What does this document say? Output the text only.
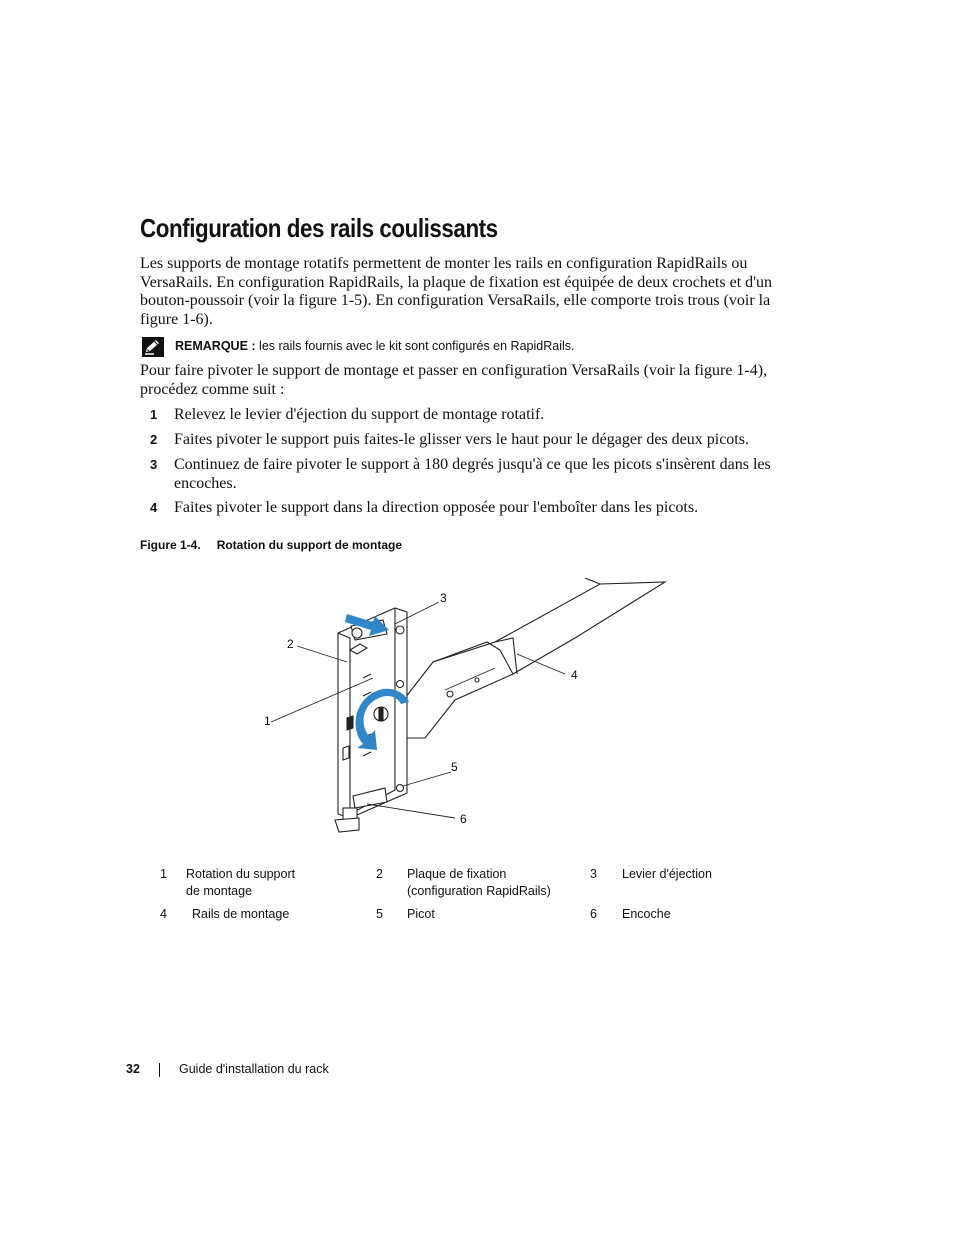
Configuration des rails coulissants

Les supports de montage rotatifs permettent de monter les rails en configuration RapidRails ou VersaRails. En configuration RapidRails, la plaque de fixation est équipée de deux crochets et d'un bouton-poussoir (voir la figure 1-5). En configuration VersaRails, elle comporte trois trous (voir la figure 1-6).

REMARQUE : les rails fournis avec le kit sont configurés en RapidRails.

Pour faire pivoter le support de montage et passer en configuration VersaRails (voir la figure 1-4), procédez comme suit :

1 Relevez le levier d'éjection du support de montage rotatif.
2 Faites pivoter le support puis faites-le glisser vers le haut pour le dégager des deux picots.
3 Continuez de faire pivoter le support à 180 degrés jusqu'à ce que les picots s'insèrent dans les encoches.
4 Faites pivoter le support dans la direction opposée pour l'emboîter dans les picots.
Figure 1-4. Rotation du support de montage
2
1
3
4
5
6
1 Rotation du support
de montage
2 Plaque de fixation
(configuration RapidRails)
3 Levier d'éjection
4 Rails de montage	5 Picot	6 Encoche
32	Guide d'installation du rack
